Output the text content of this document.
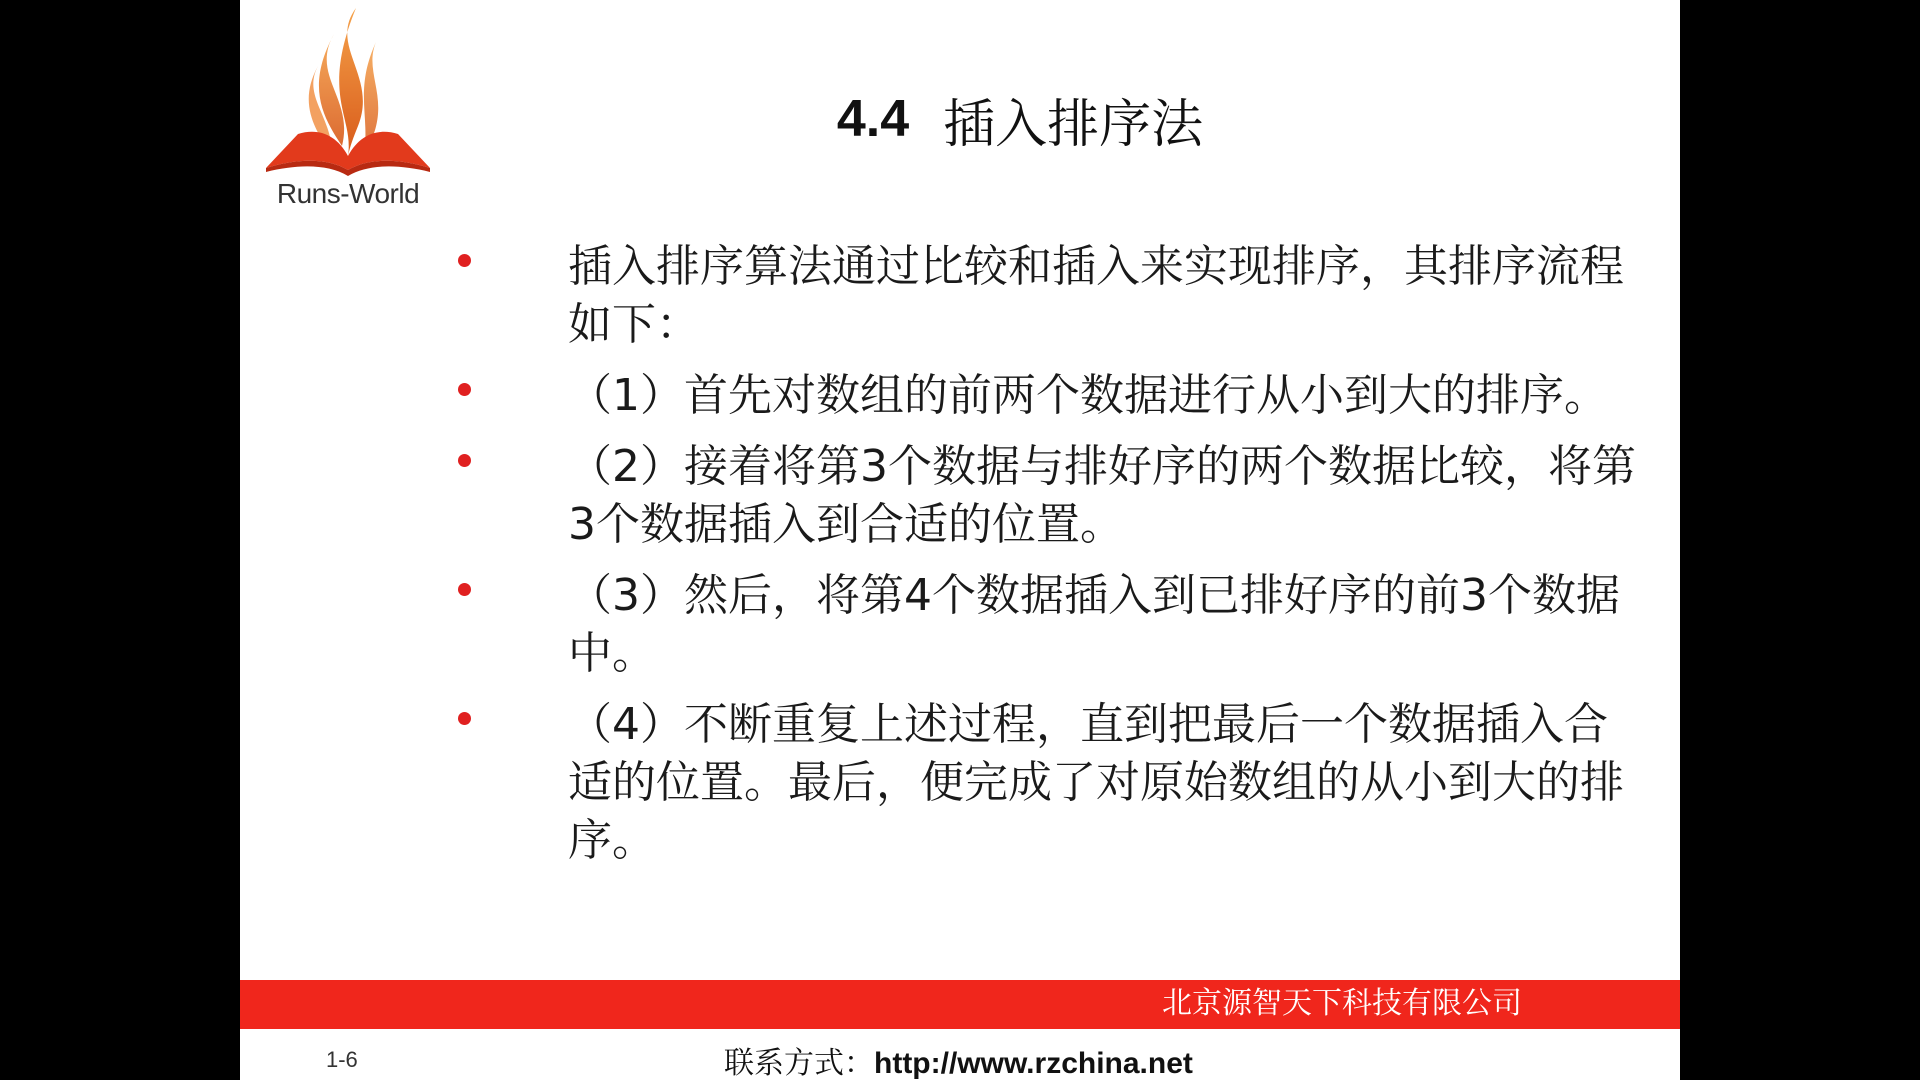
Runs-World
4.4 插入排序法
插入排序算法通过比较和插入来实现排序，其排序流程如下：
（1）首先对数组的前两个数据进行从小到大的排序。
（2）接着将第3个数据与排好序的两个数据比较，将第3个数据插入到合适的位置。
（3）然后，将第4个数据插入到已排好序的前3个数据中。
（4）不断重复上述过程，直到把最后一个数据插入合适的位置。最后，便完成了对原始数组的从小到大的排序。
北京源智天下科技有限公司
1-6	联系方式：http://www.rzchina.net
